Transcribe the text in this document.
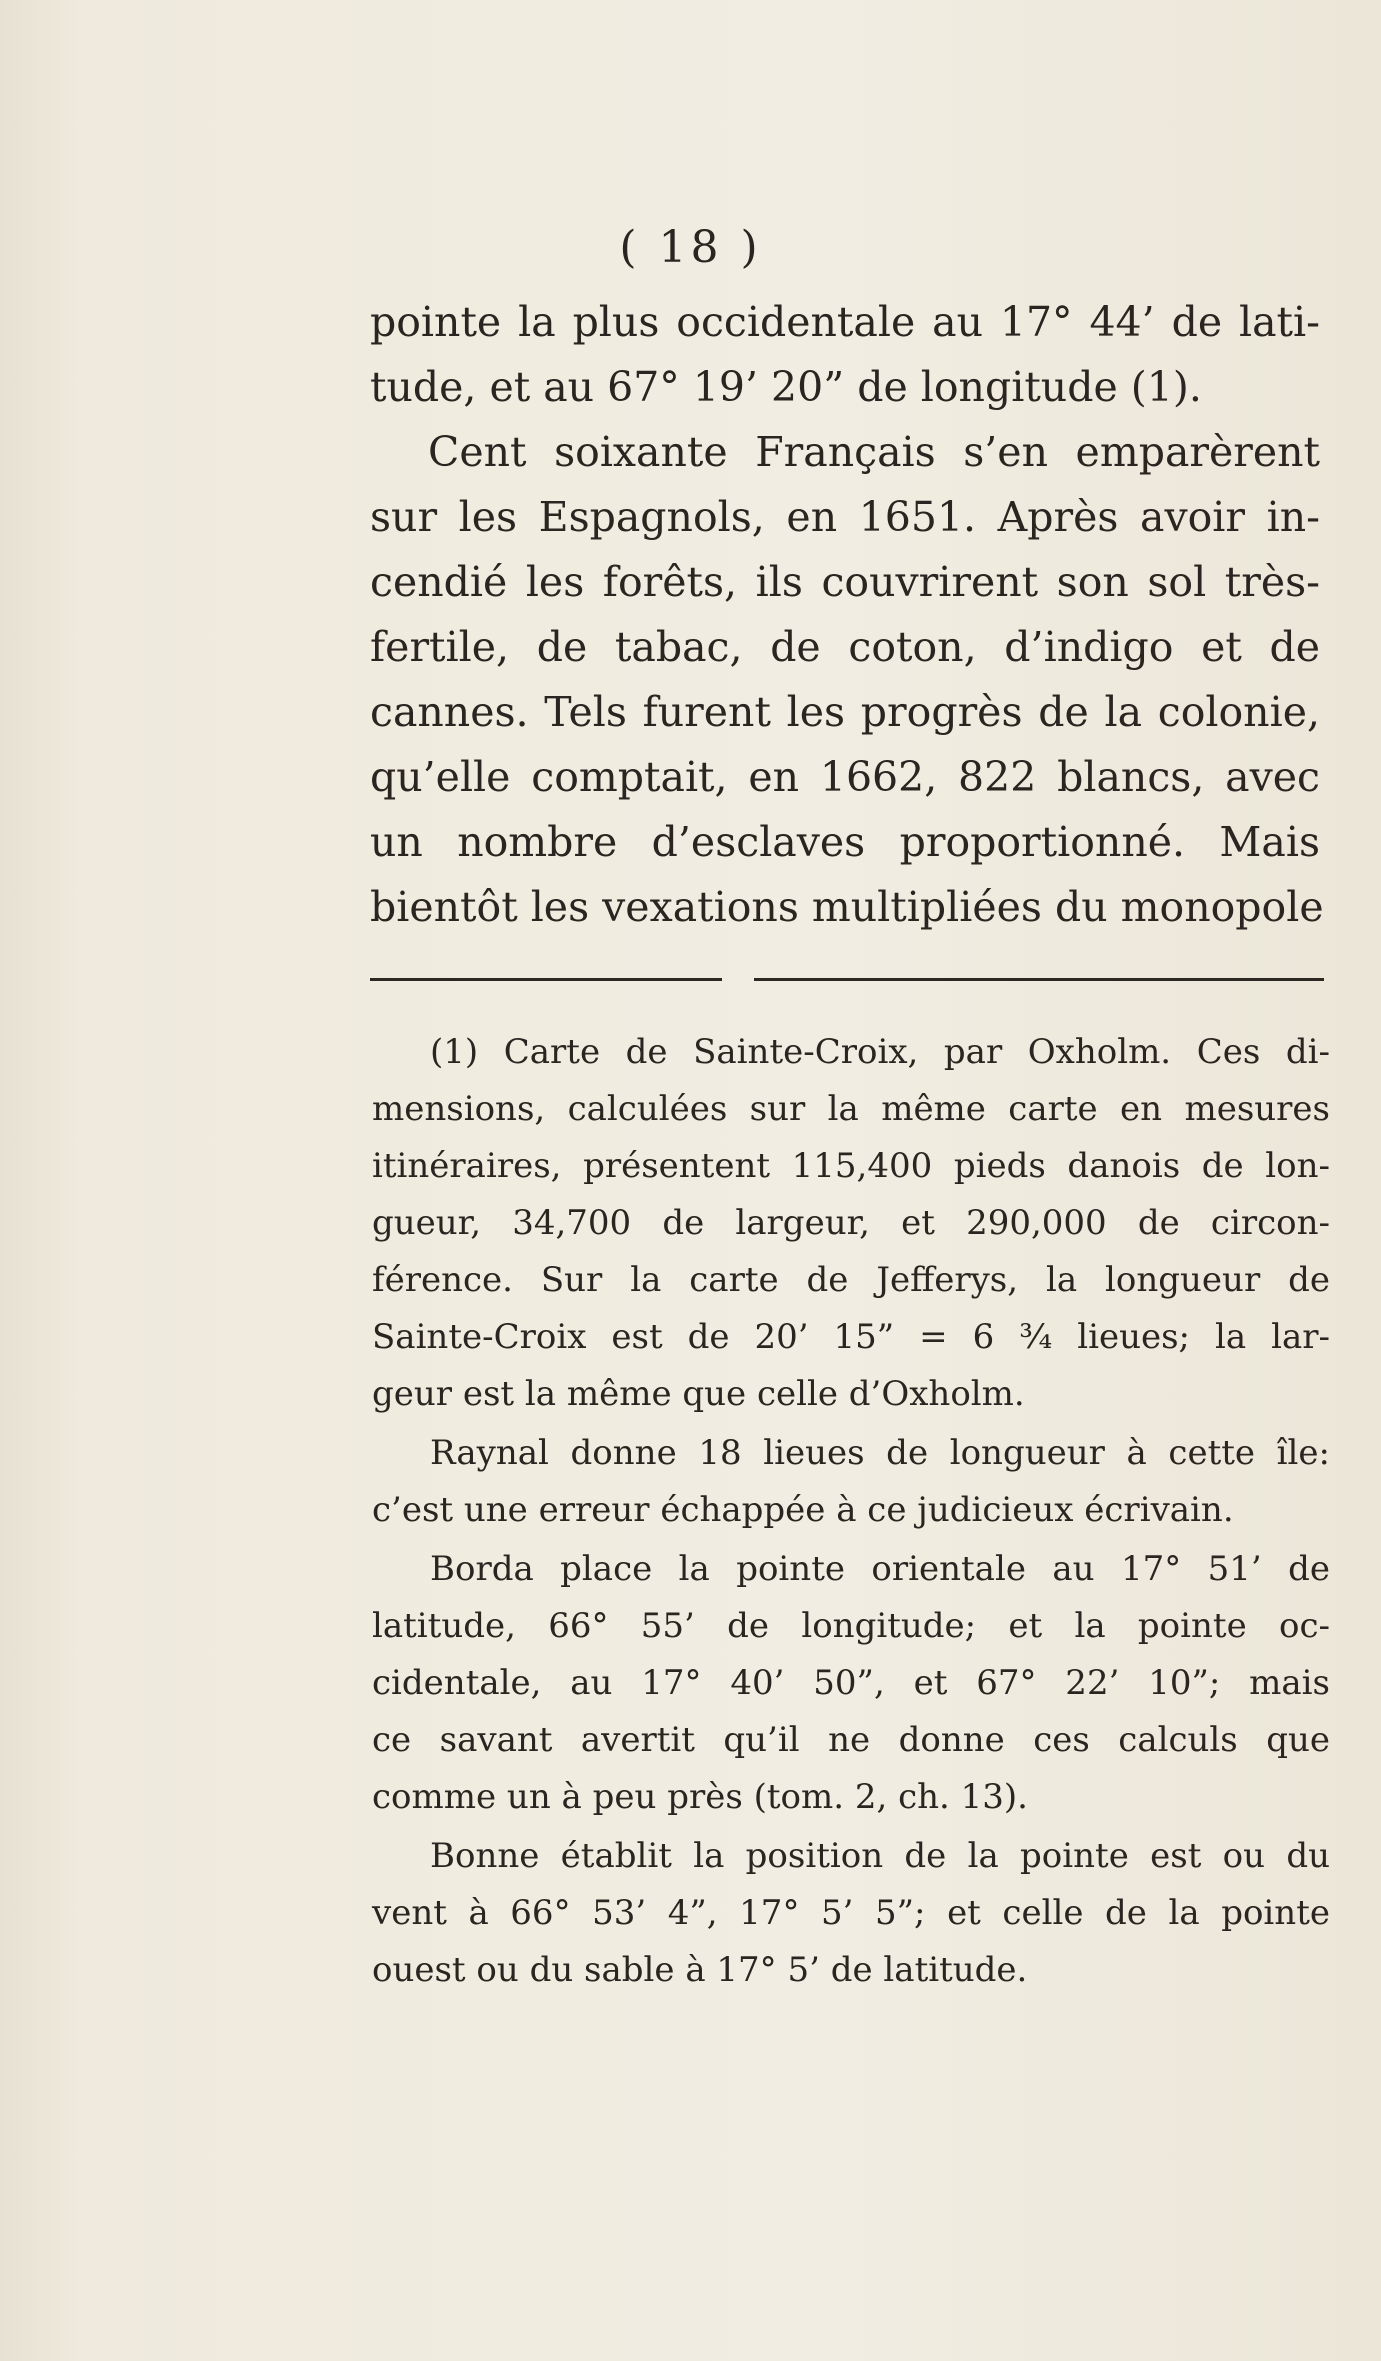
( 18 )
pointe la plus occidentale au 17° 44’ de lati-
tude, et au 67° 19’ 20” de longitude (1).
Cent soixante Français s’en emparèrent
sur les Espagnols, en 1651. Après avoir in-
cendié les forêts, ils couvrirent son sol très-
fertile, de tabac, de coton, d’indigo et de
cannes. Tels furent les progrès de la colonie,
qu’elle comptait, en 1662, 822 blancs, avec
un nombre d’esclaves proportionné. Mais
bientôt les vexations multipliées du monopole
(1) Carte de Sainte-Croix, par Oxholm. Ces di-
mensions, calculées sur la même carte en mesures
itinéraires, présentent 115,400 pieds danois de lon-
gueur, 34,700 de largeur, et 290,000 de circon-
férence. Sur la carte de Jefferys, la longueur de
Sainte-Croix est de 20’ 15” = 6 ¾ lieues; la lar-
geur est la même que celle d’Oxholm.
Raynal donne 18 lieues de longueur à cette île:
c’est une erreur échappée à ce judicieux écrivain.
Borda place la pointe orientale au 17° 51’ de
latitude, 66° 55’ de longitude; et la pointe oc-
cidentale, au 17° 40’ 50”, et 67° 22’ 10”; mais
ce savant avertit qu’il ne donne ces calculs que
comme un à peu près (tom. 2, ch. 13).
Bonne établit la position de la pointe est ou du
vent à 66° 53’ 4”, 17° 5’ 5”; et celle de la pointe
ouest ou du sable à 17° 5’ de latitude.
